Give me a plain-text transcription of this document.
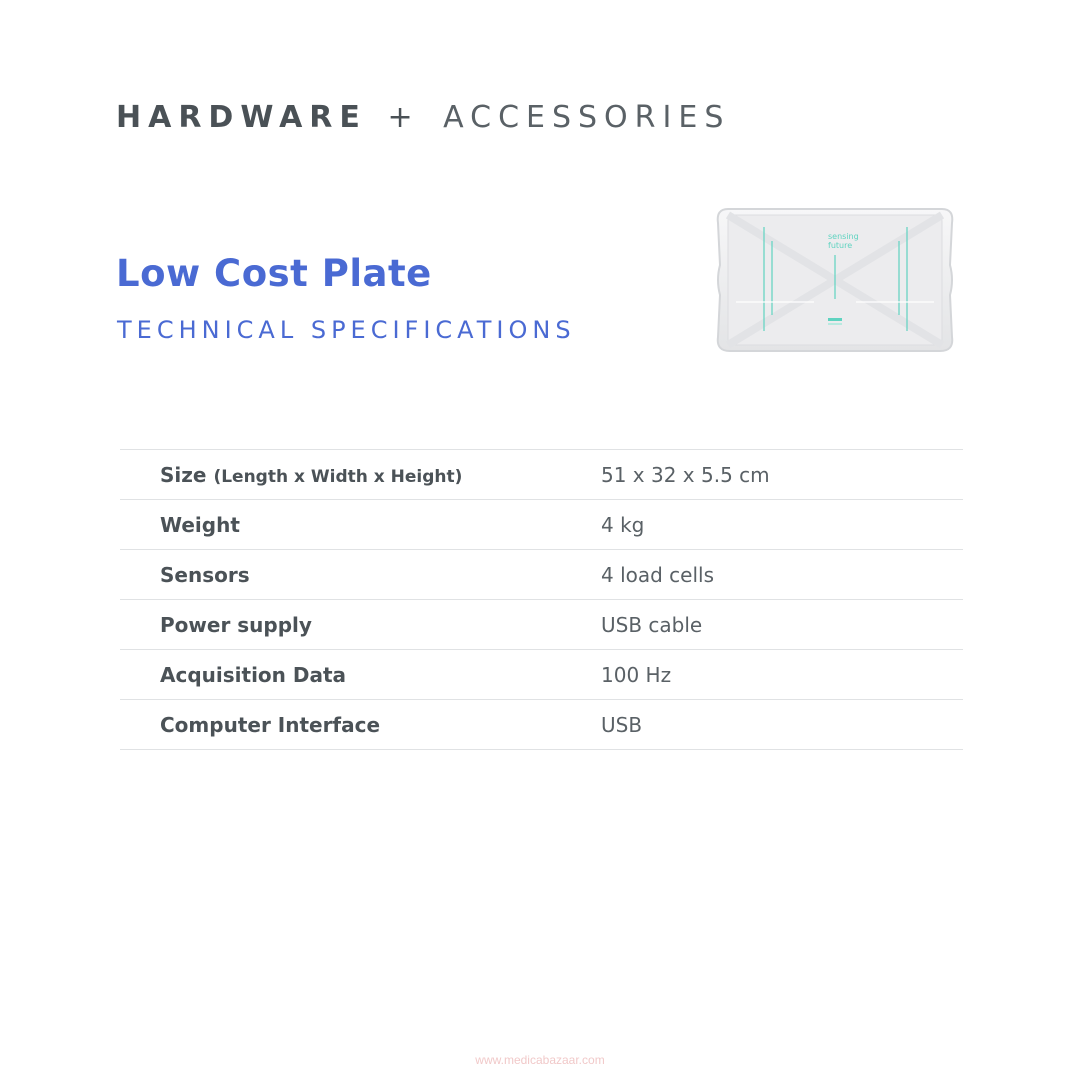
HARDWARE + ACCESSORIES
Low Cost Plate
TECHNICAL SPECIFICATIONS
sensing
future
Size (Length x Width x Height)	51 x 32 x 5.5 cm
Weight	4 kg
Sensors	4 load cells
Power supply	USB cable
Acquisition Data	100 Hz
Computer Interface	USB
www.medicabazaar.com
